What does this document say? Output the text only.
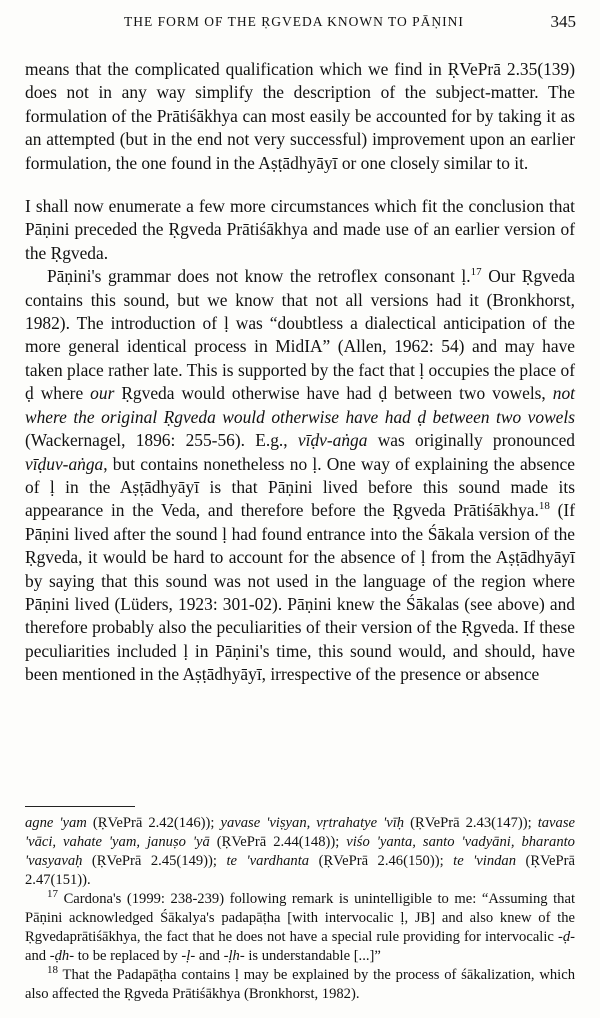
THE FORM OF THE ṚGVEDA KNOWN TO PĀṆINI	345

means that the complicated qualification which we find in ṚVePrā 2.35(139) does not in any way simplify the description of the subject-matter. The formulation of the Prātiśākhya can most easily be accounted for by taking it as an attempted (but in the end not very successful) improvement upon an earlier formulation, the one found in the Aṣṭādhyāyī or one closely similar to it.

I shall now enumerate a few more circumstances which fit the conclusion that Pāṇini preceded the Ṛgveda Prātiśākhya and made use of an earlier version of the Ṛgveda.

Pāṇini's grammar does not know the retroflex consonant ḷ.$^{17}$ Our Ṛgveda contains this sound, but we know that not all versions had it (Bronkhorst, 1982). The introduction of ḷ was “doubtless a dialectical anticipation of the more general identical process in MidIA” (Allen, 1962: 54) and may have taken place rather late. This is supported by the fact that ḷ occupies the place of ḍ where our Ṛgveda would otherwise have had ḍ between two vowels, not where the original Ṛgveda would otherwise have had ḍ between two vowels (Wackernagel, 1896: 255-56). E.g., vīḍv-aṅga was originally pronounced vīḍuv-aṅga, but contains nonetheless no ḷ. One way of explaining the absence of ḷ in the Aṣṭādhyāyī is that Pāṇini lived before this sound made its appearance in the Veda, and therefore before the Ṛgveda Prātiśākhya.$^{18}$ (If Pāṇini lived after the sound ḷ had found entrance into the Śākala version of the Ṛgveda, it would be hard to account for the absence of ḷ from the Aṣṭādhyāyī by saying that this sound was not used in the language of the region where Pāṇini lived (Lüders, 1923: 301-02). Pāṇini knew the Śākalas (see above) and therefore probably also the peculiarities of their version of the Ṛgveda. If these peculiarities included ḷ in Pāṇini's time, this sound would, and should, have been mentioned in the Aṣṭādhyāyī, irrespective of the presence or absence

agne 'yam (ṚVePrā 2.42(146)); yavase 'viṣyan, vṛtrahatye 'vīḥ (ṚVePrā 2.43(147)); tavase 'vāci, vahate 'yam, januṣo 'yā (ṚVePrā 2.44(148)); viśo 'yanta, santo 'vadyāni, bharanto 'vasyavaḥ (ṚVePrā 2.45(149)); te 'vardhanta (ṚVePrā 2.46(150)); te 'vindan (ṚVePrā 2.47(151)).

$^{17}$ Cardona's (1999: 238-239) following remark is unintelligible to me: “Assuming that Pāṇini acknowledged Śākalya's padapāṭha [with intervocalic ḷ, JB] and also knew of the Ṛgvedaprātiśākhya, the fact that he does not have a special rule providing for intervocalic -ḍ- and -ḍh- to be replaced by -ḷ- and -ḷh- is understandable [...]”

$^{18}$ That the Padapāṭha contains ḷ may be explained by the process of śākalization, which also affected the Ṛgveda Prātiśākhya (Bronkhorst, 1982).
